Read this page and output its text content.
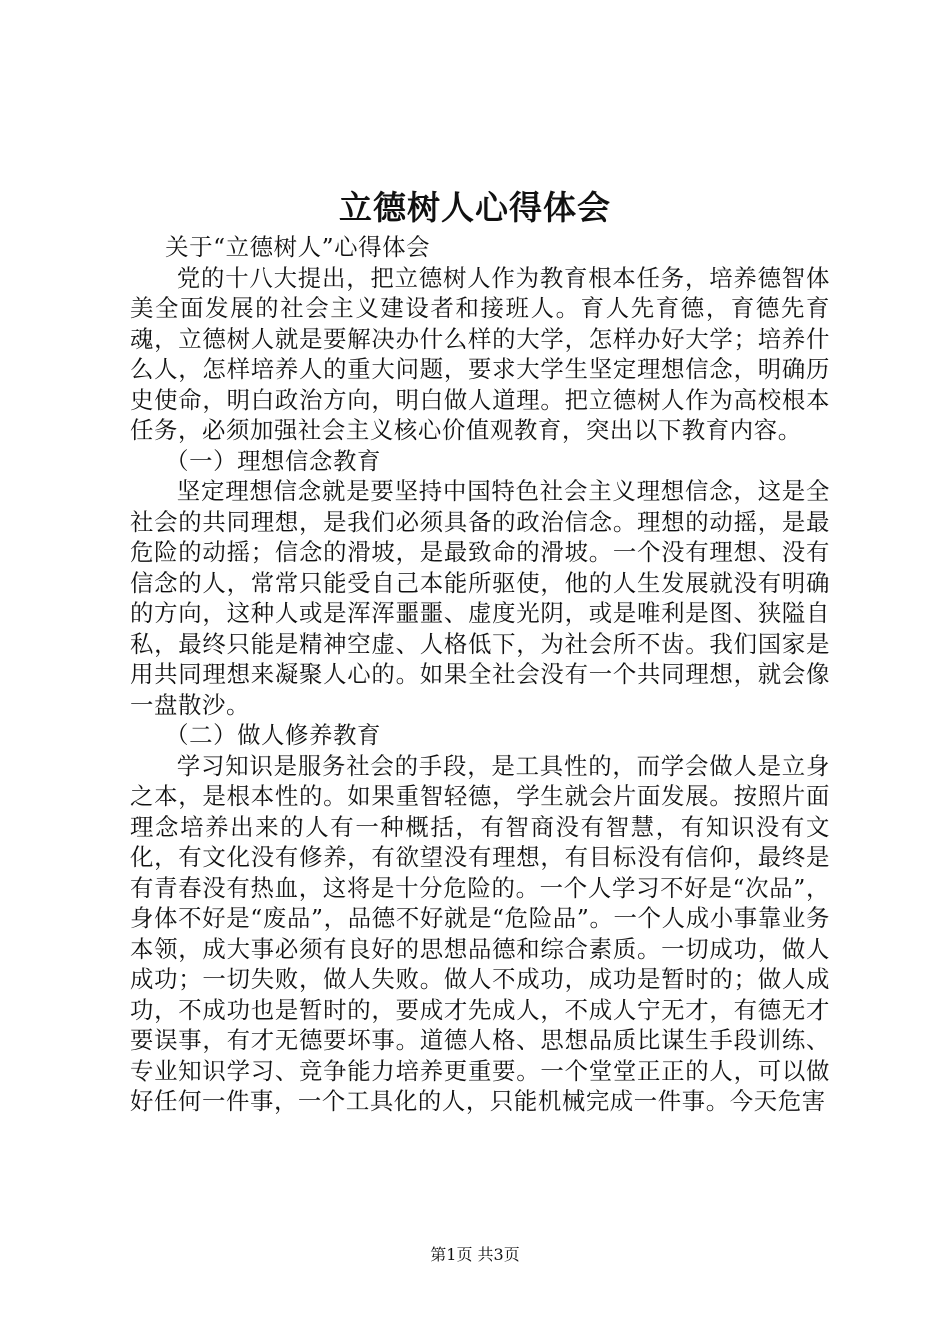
立德树人心得体会

关于“立德树人”心得体会

党的十八大提出，把立德树人作为教育根本任务，培养德智体美全面发展的社会主义建设者和接班人。育人先育德，育德先育魂，立德树人就是要解决办什么样的大学，怎样办好大学；培养什么人，怎样培养人的重大问题，要求大学生坚定理想信念，明确历史使命，明白政治方向，明白做人道理。把立德树人作为高校根本任务，必须加强社会主义核心价值观教育，突出以下教育内容。

（一）理想信念教育

坚定理想信念就是要坚持中国特色社会主义理想信念，这是全社会的共同理想，是我们必须具备的政治信念。理想的动摇，是最危险的动摇；信念的滑坡，是最致命的滑坡。一个没有理想、没有信念的人，常常只能受自己本能所驱使，他的人生发展就没有明确的方向，这种人或是浑浑噩噩、虚度光阴，或是唯利是图、狭隘自私，最终只能是精神空虚、人格低下，为社会所不齿。我们国家是用共同理想来凝聚人心的。如果全社会没有一个共同理想，就会像一盘散沙。

（二）做人修养教育

学习知识是服务社会的手段，是工具性的，而学会做人是立身之本，是根本性的。如果重智轻德，学生就会片面发展。按照片面理念培养出来的人有一种概括，有智商没有智慧，有知识没有文化，有文化没有修养，有欲望没有理想，有目标没有信仰，最终是有青春没有热血，这将是十分危险的。一个人学习不好是“次品”，身体不好是“废品”，品德不好就是“危险品”。一个人成小事靠业务本领，成大事必须有良好的思想品德和综合素质。一切成功，做人成功；一切失败，做人失败。做人不成功，成功是暂时的；做人成功，不成功也是暂时的，要成才先成人，不成人宁无才，有德无才要误事，有才无德要坏事。道德人格、思想品质比谋生手段训练、专业知识学习、竞争能力培养更重要。一个堂堂正正的人，可以做好任何一件事，一个工具化的人，只能机械完成一件事。今天危害

第1页 共3页
